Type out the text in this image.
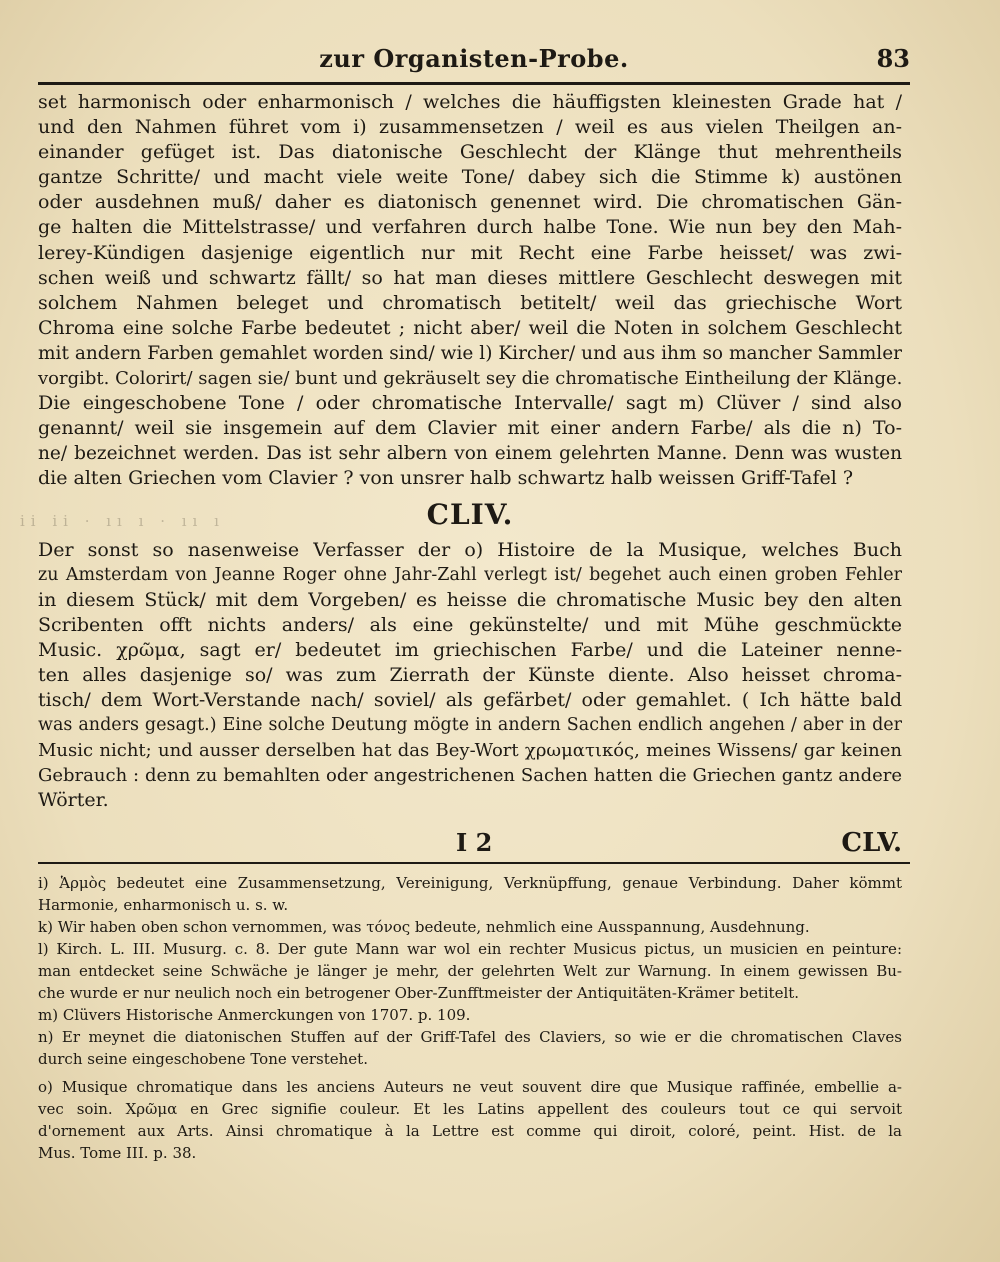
zur Organisten-Probe.	83
ii ii · ıı ı · ıı ı
set harmonisch oder enharmonisch / welches die häuffigsten kleinesten Grade hat /
und den Nahmen führet vom i) zusammensetzen / weil es aus vielen Theilgen an-
einander gefüget ist. Das diatonische Geschlecht der Klänge thut mehrentheils
gantze Schritte/ und macht viele weite Tone/ dabey sich die Stimme k) austönen
oder ausdehnen muß/ daher es diatonisch genennet wird. Die chromatischen Gän-
ge halten die Mittelstrasse/ und verfahren durch halbe Tone. Wie nun bey den Mah-
lerey-Kündigen dasjenige eigentlich nur mit Recht eine Farbe heisset/ was zwi-
schen weiß und schwartz fällt/ so hat man dieses mittlere Geschlecht deswegen mit
solchem Nahmen beleget und chromatisch betitelt/ weil das griechische Wort
Chroma eine solche Farbe bedeutet ; nicht aber/ weil die Noten in solchem Geschlecht
mit andern Farben gemahlet worden sind/ wie l) Kircher/ und aus ihm so mancher Sammler
vorgibt. Colorirt/ sagen sie/ bunt und gekräuselt sey die chromatische Eintheilung der Klänge.
Die eingeschobene Tone / oder chromatische Intervalle/ sagt m) Clüver / sind also
genannt/ weil sie insgemein auf dem Clavier mit einer andern Farbe/ als die n) To-
ne/ bezeichnet werden. Das ist sehr albern von einem gelehrten Manne. Denn was wusten
die alten Griechen vom Clavier ? von unsrer halb schwartz halb weissen Griff-Tafel ?
CLIV.
Der sonst so nasenweise Verfasser der o) Histoire de la Musique, welches Buch
zu Amsterdam von Jeanne Roger ohne Jahr-Zahl verlegt ist/ begehet auch einen groben Fehler
in diesem Stück/ mit dem Vorgeben/ es heisse die chromatische Music bey den alten
Scribenten offt nichts anders/ als eine gekünstelte/ und mit Mühe geschmückte
Music. χρῶμα, sagt er/ bedeutet im griechischen Farbe/ und die Lateiner nenne-
ten alles dasjenige so/ was zum Zierrath der Künste diente. Also heisset chroma-
tisch/ dem Wort-Verstande nach/ soviel/ als gefärbet/ oder gemahlet. ( Ich hätte bald
was anders gesagt.) Eine solche Deutung mögte in andern Sachen endlich angehen / aber in der
Music nicht; und ausser derselben hat das Bey-Wort χρωματικός, meines Wissens/ gar keinen
Gebrauch : denn zu bemahlten oder angestrichenen Sachen hatten die Griechen gantz andere
Wörter.
I 2	CLV.
i) Ἁρμὸς bedeutet eine Zusammensetzung, Vereinigung, Verknüpffung, genaue Verbindung. Daher kömmt
Harmonie, enharmonisch u. s. w.
k) Wir haben oben schon vernommen, was τόνος bedeute, nehmlich eine Ausspannung, Ausdehnung.
l) Kirch. L. III. Musurg. c. 8. Der gute Mann war wol ein rechter Musicus pictus, un musicien en peinture:
man entdecket seine Schwäche je länger je mehr, der gelehrten Welt zur Warnung. In einem gewissen Bu-
che wurde er nur neulich noch ein betrogener Ober-Zunfftmeister der Antiquitäten-Krämer betitelt.
m) Clüvers Historische Anmerckungen von 1707. p. 109.
n) Er meynet die diatonischen Stuffen auf der Griff-Tafel des Claviers, so wie er die chromatischen Claves
durch seine eingeschobene Tone verstehet.
o) Musique chromatique dans les anciens Auteurs ne veut souvent dire que Musique raffinée, embellie a-
vec soin. Χρῶμα en Grec signifie couleur. Et les Latins appellent des couleurs tout ce qui servoit
d'ornement aux Arts. Ainsi chromatique à la Lettre est comme qui diroit, coloré, peint. Hist. de la
Mus. Tome III. p. 38.
